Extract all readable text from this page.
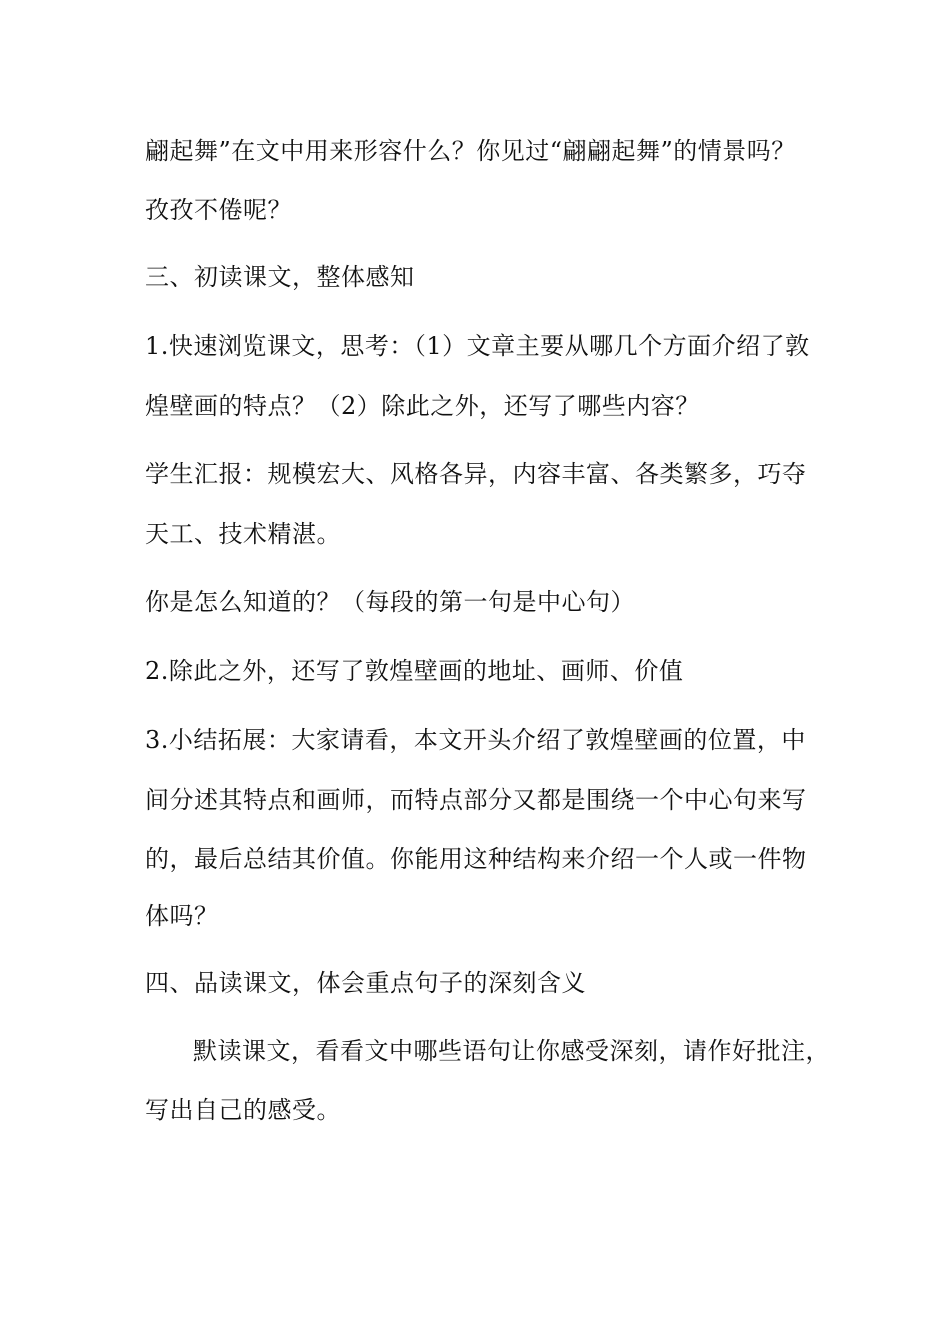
翩起舞”在文中用来形容什么？你见过“翩翩起舞”的情景吗？
孜孜不倦呢？
三、初读课文，整体感知
1.快速浏览课文，思考：（1）文章主要从哪几个方面介绍了敦
煌壁画的特点？（2）除此之外，还写了哪些内容？
学生汇报：规模宏大、风格各异，内容丰富、各类繁多，巧夺
天工、技术精湛。
你是怎么知道的？（每段的第一句是中心句）
2.除此之外，还写了敦煌壁画的地址、画师、价值
3.小结拓展：大家请看，本文开头介绍了敦煌壁画的位置，中
间分述其特点和画师，而特点部分又都是围绕一个中心句来写
的，最后总结其价值。你能用这种结构来介绍一个人或一件物
体吗？
四、品读课文，体会重点句子的深刻含义
默读课文，看看文中哪些语句让你感受深刻，请作好批注，
写出自己的感受。
